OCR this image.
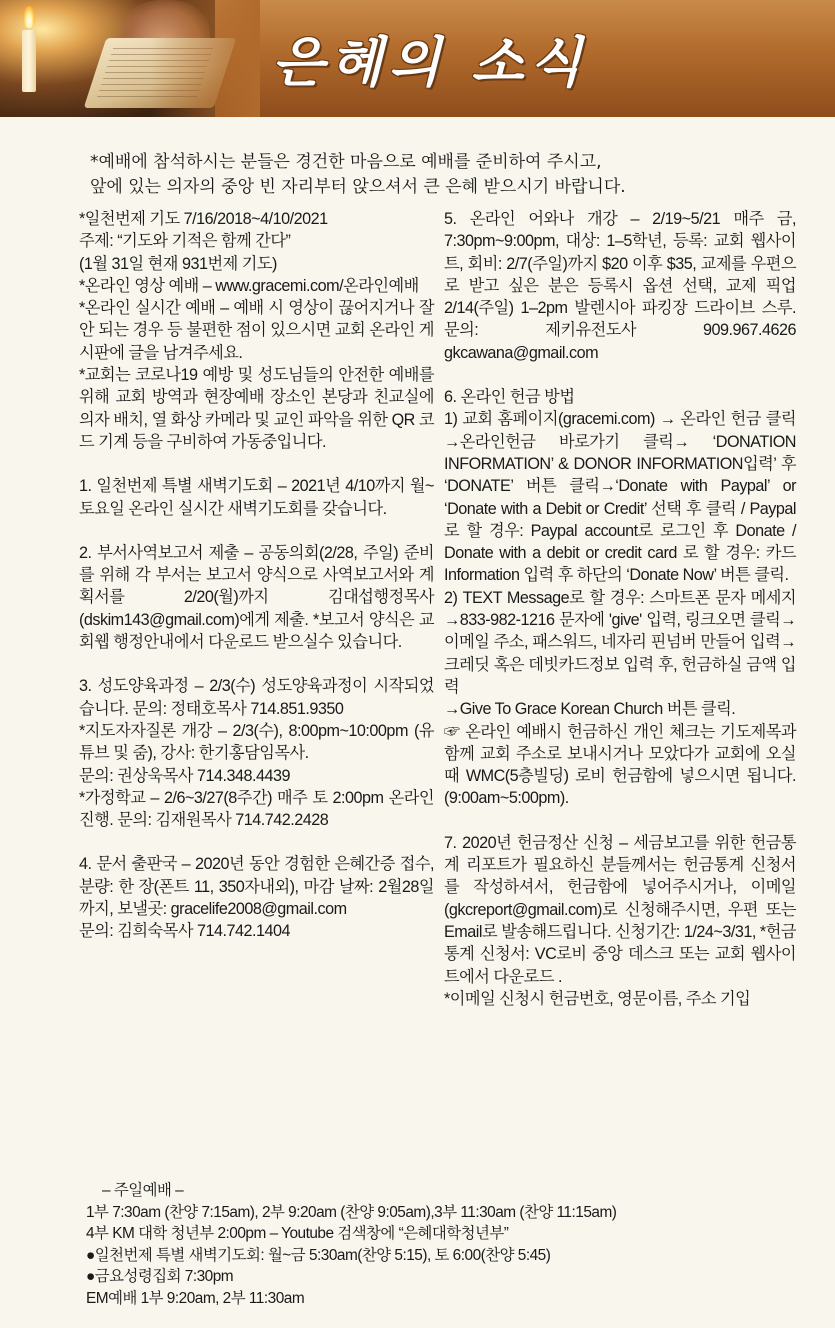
은혜의 소식
*예배에 참석하시는 분들은 경건한 마음으로 예배를 준비하여 주시고,
앞에 있는 의자의 중앙 빈 자리부터 앉으셔서 큰 은혜 받으시기 바랍니다.

*일천번제 기도 7/16/2018~4/10/2021
주제: “기도와 기적은 함께 간다”
(1월 31일 현재 931번제 기도)
*온라인 영상 예배 – www.gracemi.com/온라인예배
*온라인 실시간 예배 – 예배 시 영상이 끊어지거나 잘 안 되는 경우 등 불편한 점이 있으시면 교회 온라인 게시판에 글을 남겨주세요.
*교회는 코로나19 예방 및 성도님들의 안전한 예배를 위해 교회 방역과 현장예배 장소인 본당과 친교실에 의자 배치, 열 화상 카메라 및 교인 파악을 위한 QR 코드 기계 등을 구비하여 가동중입니다.

1. 일천번제 특별 새벽기도회 – 2021년 4/10까지 월~토요일 온라인 실시간 새벽기도회를 갖습니다.

2. 부서사역보고서 제출 – 공동의회(2/28, 주일) 준비를 위해 각 부서는 보고서 양식으로 사역보고서와 계획서를 2/20(월)까지 김대섭행정목사(dskim143@gmail.com)에게 제출. *보고서 양식은 교회웹 행정안내에서 다운로드 받으실수 있습니다.

3. 성도양육과정 – 2/3(수) 성도양육과정이 시작되었습니다. 문의: 정태호목사 714.851.9350
*지도자자질론 개강 – 2/3(수), 8:00pm~10:00pm (유튜브 및 줌), 강사: 한기홍담임목사.
문의: 권상욱목사 714.348.4439
*가정학교 – 2/6~3/27(8주간) 매주 토 2:00pm 온라인 진행. 문의: 김재원목사 714.742.2428

4. 문서 출판국 – 2020년 동안 경험한 은혜간증 접수, 분량: 한 장(폰트 11, 350자내외), 마감 날짜: 2월28일 까지, 보낼곳: gracelife2008@gmail.com
문의: 김희숙목사 714.742.1404

5. 온라인 어와나 개강 – 2/19~5/21 매주 금, 7:30pm~9:00pm, 대상: 1–5학년, 등록: 교회 웹사이트, 회비: 2/7(주일)까지 $20 이후 $35, 교제를 우편으로 받고 싶은 분은 등록시 옵션 선택, 교제 픽업 2/14(주일) 1–2pm 발렌시아 파킹장 드라이브 스루. 문의: 제키유전도사 909.967.4626 gkcawana@gmail.com

6. 온라인 헌금 방법
1) 교회 홈페이지(gracemi.com) → 온라인 헌금 클릭→온라인헌금 바로가기 클릭→ ‘DONATION INFORMATION’ & DONOR INFORMATION입력’ 후 ‘DONATE’ 버튼 클릭→‘Donate with Paypal’ or ‘Donate with a Debit or Credit’ 선택 후 클릭 / Paypal로 할 경우: Paypal account로 로그인 후 Donate / Donate with a debit or credit card 로 할 경우: 카드 Information 입력 후 하단의 ‘Donate Now’ 버튼 클릭.
2) TEXT Message로 할 경우: 스마트폰 문자 메세지→833-982-1216 문자에 'give' 입력, 링크오면 클릭→이메일 주소, 패스워드, 네자리 핀넘버 만들어 입력→크레딧 혹은 데빗카드정보 입력 후, 헌금하실 금액 입력
→Give To Grace Korean Church 버튼 클릭.
☞ 온라인 예배시 헌금하신 개인 체크는 기도제목과 함께 교회 주소로 보내시거나 모았다가 교회에 오실 때 WMC(5층빌딩) 로비 헌금함에 넣으시면 됩니다. (9:00am~5:00pm).

7. 2020년 헌금정산 신청 – 세금보고를 위한 헌금통계 리포트가 필요하신 분들께서는 헌금통계 신청서를 작성하셔서, 헌금함에 넣어주시거나, 이메일(gkcreport@gmail.com)로 신청해주시면, 우편 또는 Email로 발송해드립니다. 신청기간: 1/24~3/31, *헌금통계 신청서: VC로비 중앙 데스크 또는 교회 웹사이트에서 다운로드 .
*이메일 신청시 헌금번호, 영문이름, 주소 기입

– 주일예배 –
1부 7:30am (찬양 7:15am), 2부 9:20am (찬양 9:05am),3부 11:30am (찬양 11:15am)
4부 KM 대학 청년부 2:00pm – Youtube 검색창에 “은혜대학청년부”
●일천번제 특별 새벽기도회: 월~금 5:30am(찬양 5:15), 토 6:00(찬양 5:45)
●금요성령집회 7:30pm
EM예배 1부 9:20am, 2부 11:30am
